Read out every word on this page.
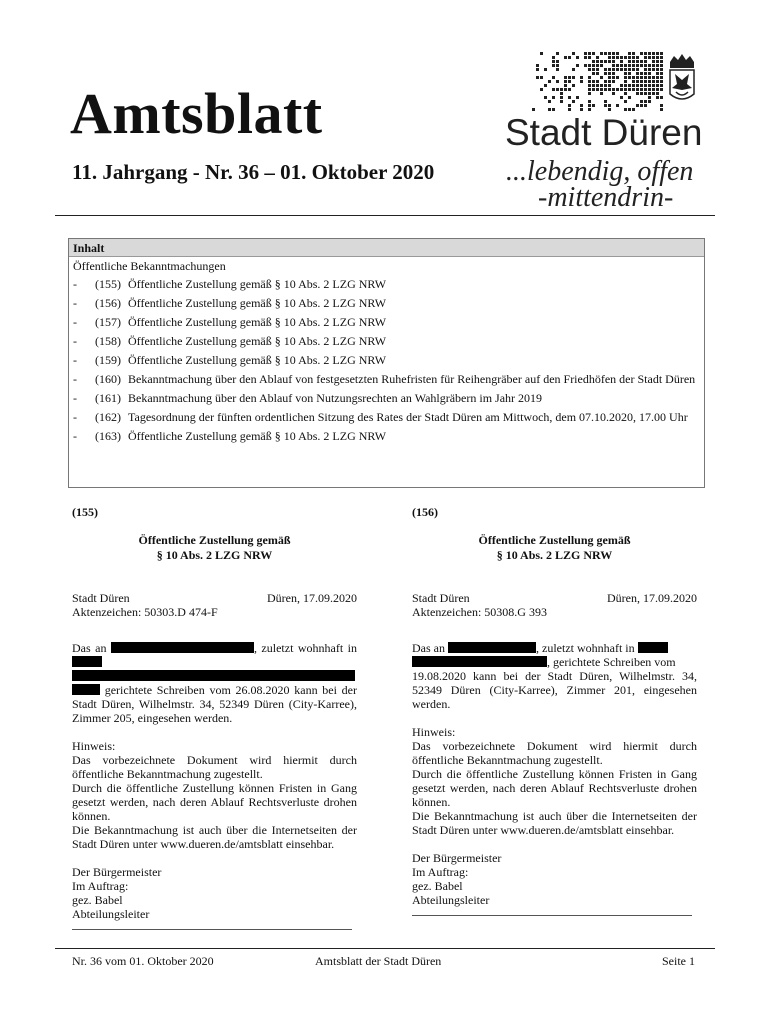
Amtsblatt
11. Jahrgang - Nr. 36 – 01. Oktober 2020
Stadt Düren
...lebendig, offen
-mittendrin-
Inhalt
Öffentliche Bekanntmachungen
-	(155) Öffentliche Zustellung gemäß § 10 Abs. 2 LZG NRW
-	(156) Öffentliche Zustellung gemäß § 10 Abs. 2 LZG NRW
-	(157) Öffentliche Zustellung gemäß § 10 Abs. 2 LZG NRW
-	(158) Öffentliche Zustellung gemäß § 10 Abs. 2 LZG NRW
-	(159) Öffentliche Zustellung gemäß § 10 Abs. 2 LZG NRW
-	(160) Bekanntmachung über den Ablauf von festgesetzten Ruhefristen für Reihengräber auf den Friedhöfen der Stadt Düren
-	(161) Bekanntmachung über den Ablauf von Nutzungsrechten an Wahlgräbern im Jahr 2019
-	(162) Tagesordnung der fünften ordentlichen Sitzung des Rates der Stadt Düren am Mittwoch, dem 07.10.2020, 17.00 Uhr
-	(163) Öffentliche Zustellung gemäß § 10 Abs. 2 LZG NRW
(155)
Öffentliche Zustellung gemäß
§ 10 Abs. 2 LZG NRW
Stadt Düren	Düren, 17.09.2020
Aktenzeichen: 50303.D 474-F
Das an	, zuletzt wohnhaft in

gerichtete Schreiben vom 26.08.2020 kann bei der Stadt Düren, Wilhelmstr. 34, 52349 Düren (City-Karree), Zimmer 205, eingesehen werden.
Hinweis:
Das vorbezeichnete Dokument wird hiermit durch öffentliche Bekanntmachung zugestellt.
Durch die öffentliche Zustellung können Fristen in Gang gesetzt werden, nach deren Ablauf Rechtsverluste drohen können.
Die Bekanntmachung ist auch über die Internetseiten der Stadt Düren unter www.dueren.de/amtsblatt einsehbar.
Der Bürgermeister
Im Auftrag:
gez. Babel
Abteilungsleiter
(156)
Öffentliche Zustellung gemäß
§ 10 Abs. 2 LZG NRW
Stadt Düren	Düren, 17.09.2020
Aktenzeichen: 50308.G 393
Das an	, zuletzt wohnhaft in
, gerichtete Schreiben vom
19.08.2020 kann bei der Stadt Düren, Wilhelmstr. 34, 52349 Düren (City-Karree), Zimmer 201, eingesehen werden.
Hinweis:
Das vorbezeichnete Dokument wird hiermit durch öffentliche Bekanntmachung zugestellt.
Durch die öffentliche Zustellung können Fristen in Gang gesetzt werden, nach deren Ablauf Rechtsverluste drohen können.
Die Bekanntmachung ist auch über die Internetseiten der Stadt Düren unter www.dueren.de/amtsblatt einsehbar.
Der Bürgermeister
Im Auftrag:
gez. Babel
Abteilungsleiter
Nr. 36 vom 01. Oktober 2020	Amtsblatt der Stadt Düren	Seite 1
